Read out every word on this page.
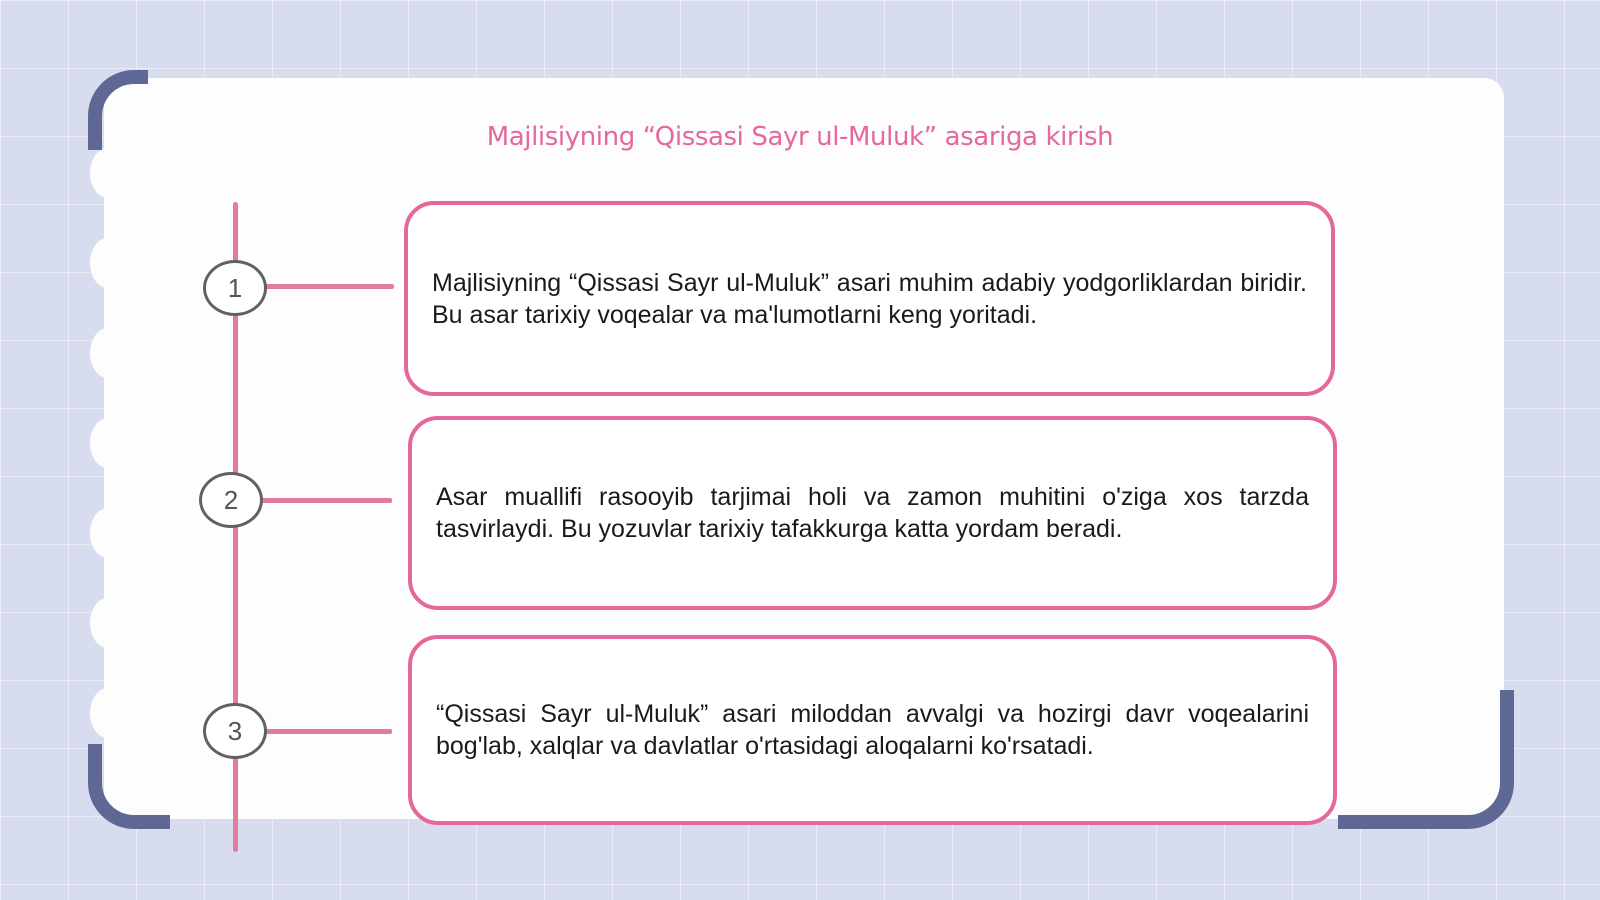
Majlisiyning “Qissasi Sayr ul-Muluk” asariga kirish
1
2
3
Majlisiyning “Qissasi Sayr ul-Muluk” asari muhim adabiy yodgorliklardan biridir. Bu asar tarixiy voqealar va ma'lumotlarni keng yoritadi.
Asar muallifi rasooyib tarjimai holi va zamon muhitini o'ziga xos tarzda tasvirlaydi. Bu yozuvlar tarixiy tafakkurga katta yordam beradi.
“Qissasi Sayr ul-Muluk” asari miloddan avvalgi va hozirgi davr voqealarini bog'lab, xalqlar va davlatlar o'rtasidagi aloqalarni ko'rsatadi.
